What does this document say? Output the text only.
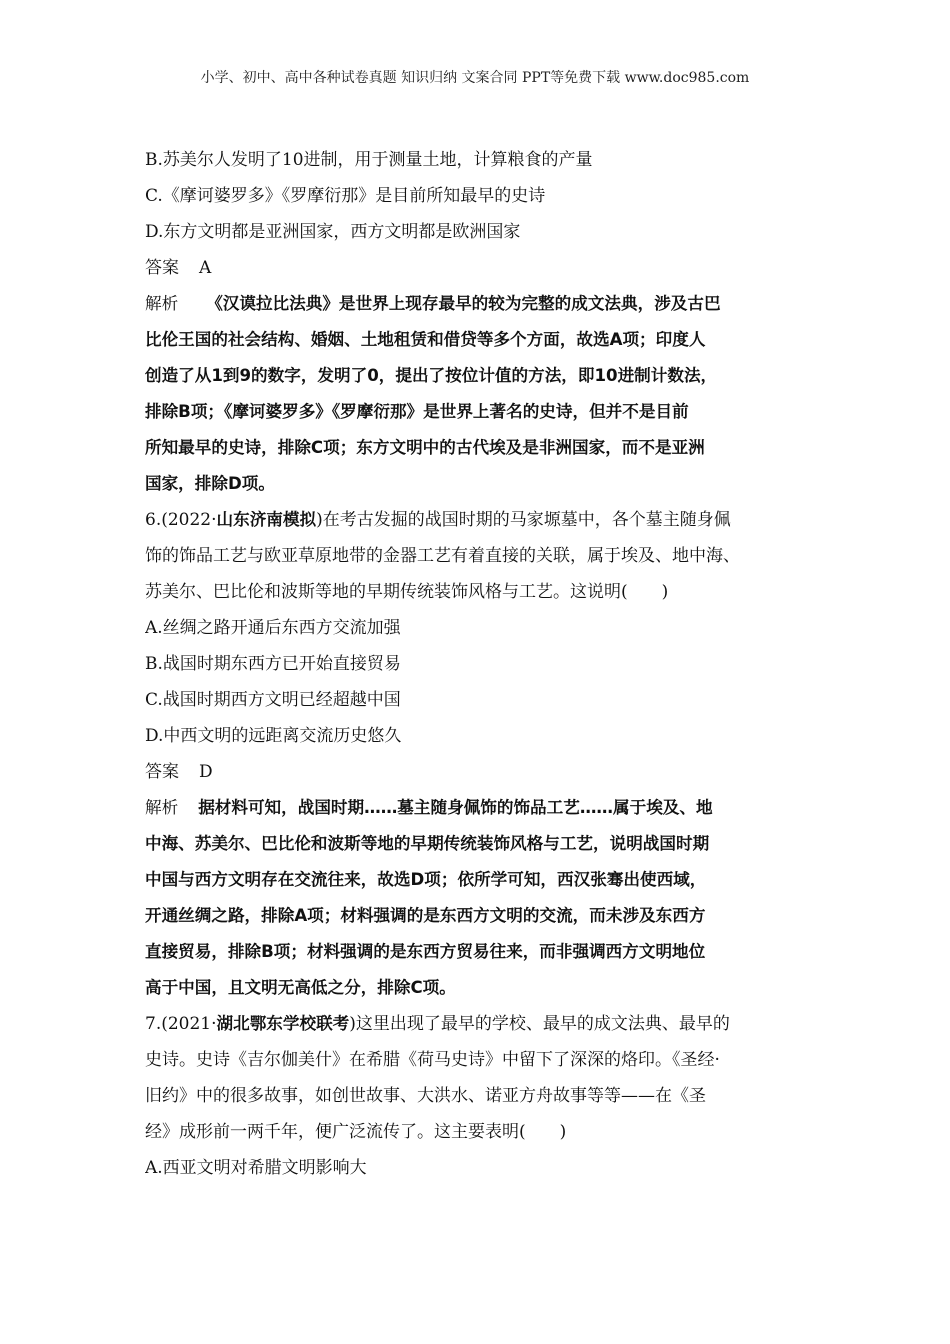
小学、初中、高中各种试卷真题 知识归纳 文案合同 PPT等免费下载 www.doc985.com
B.苏美尔人发明了10进制，用于测量土地，计算粮食的产量
C.《摩诃婆罗多》《罗摩衍那》是目前所知最早的史诗
D.东方文明都是亚洲国家，西方文明都是欧洲国家
答案 A
解析 《汉谟拉比法典》是世界上现存最早的较为完整的成文法典，涉及古巴
比伦王国的社会结构、婚姻、土地租赁和借贷等多个方面，故选A项；印度人
创造了从1到9的数字，发明了0，提出了按位计值的方法，即10进制计数法，
排除B项；《摩诃婆罗多》《罗摩衍那》是世界上著名的史诗，但并不是目前
所知最早的史诗，排除C项；东方文明中的古代埃及是非洲国家，而不是亚洲
国家，排除D项。
6.(2022·山东济南模拟)在考古发掘的战国时期的马家塬墓中，各个墓主随身佩
饰的饰品工艺与欧亚草原地带的金器工艺有着直接的关联，属于埃及、地中海、
苏美尔、巴比伦和波斯等地的早期传统装饰风格与工艺。这说明(　　)
A.丝绸之路开通后东西方交流加强
B.战国时期东西方已开始直接贸易
C.战国时期西方文明已经超越中国
D.中西文明的远距离交流历史悠久
答案 D
解析 据材料可知，战国时期……墓主随身佩饰的饰品工艺……属于埃及、地
中海、苏美尔、巴比伦和波斯等地的早期传统装饰风格与工艺，说明战国时期
中国与西方文明存在交流往来，故选D项；依所学可知，西汉张骞出使西域，
开通丝绸之路，排除A项；材料强调的是东西方文明的交流，而未涉及东西方
直接贸易，排除B项；材料强调的是东西方贸易往来，而非强调西方文明地位
高于中国，且文明无高低之分，排除C项。
7.(2021·湖北鄂东学校联考)这里出现了最早的学校、最早的成文法典、最早的
史诗。史诗《吉尔伽美什》在希腊《荷马史诗》中留下了深深的烙印。《圣经·
旧约》中的很多故事，如创世故事、大洪水、诺亚方舟故事等等——在《圣
经》成形前一两千年，便广泛流传了。这主要表明(　　)
A.西亚文明对希腊文明影响大
